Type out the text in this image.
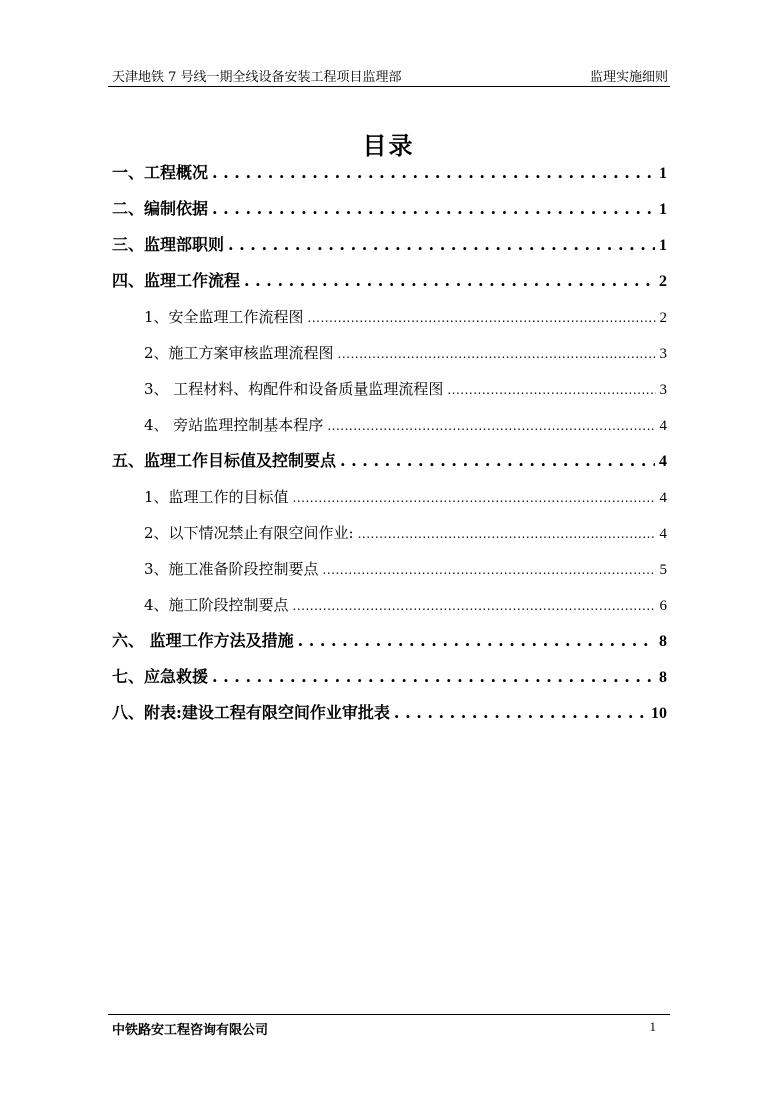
天津地铁 7 号线一期全线设备安装工程项目监理部	监理实施细则
目录
一、工程概况 . . .	1
二、编制依据 . . .	1
三、监理部职则 . . .	1
四、监理工作流程 . . .	2
1、安全监理工作流程图 .....	2
2、施工方案审核监理流程图 .....	3
3、 工程材料、构配件和设备质量监理流程图 .....	3
4、 旁站监理控制基本程序 .....	4
五、监理工作目标值及控制要点 . . .	4
1、监理工作的目标值 .....	4
2、以下情况禁止有限空间作业: .....	4
3、施工准备阶段控制要点 .....	5
4、施工阶段控制要点 .....	6
六、 监理工作方法及措施 . . .	8
七、应急救援 . . .	8
八、附表:建设工程有限空间作业审批表 . . .	10
中铁路安工程咨询有限公司	1
